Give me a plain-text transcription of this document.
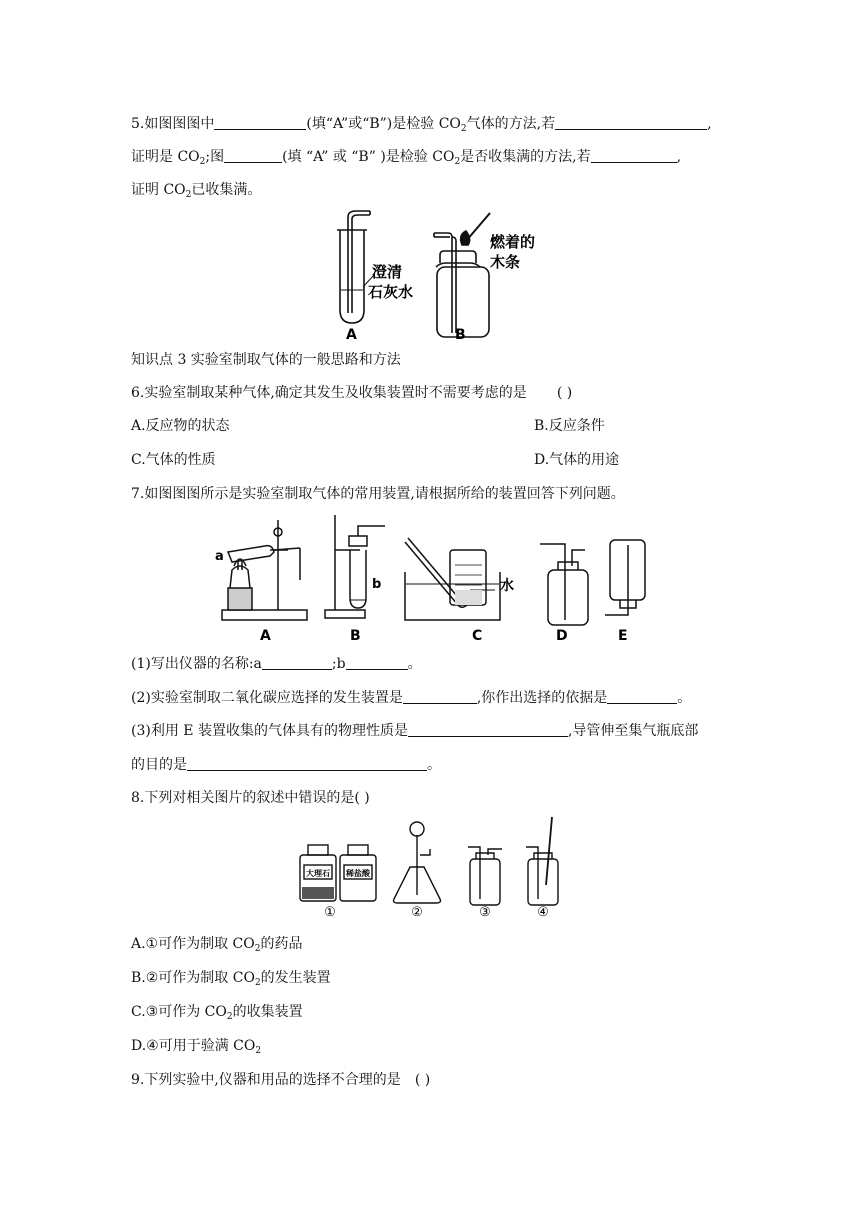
5.如图图图中	(填“A”或“B”)是检验 $CO_2$气体的方法,若	,
证明是 $CO_2$;图	(填 “A” 或 “B” )是检验 $CO_2$是否收集满的方法,若	,
证明 $CO_2$已收集满。
澄清
石灰水
燃着的
木条
A	B
知识点 3 实验室制取气体的一般思路和方法
6.实验室制取某种气体,确定其发生及收集装置时不需要考虑的是 ( )
A.反应物的状态	B.反应条件
C.气体的性质	D.气体的用途
7.如图图图所示是实验室制取气体的常用装置,请根据所给的装置回答下列问题。
a
b	水
A	B	C	D	E
(1)写出仪器的名称:a	;b	。
(2)实验室制取二氧化碳应选择的发生装置是	,你作出选择的依据是	。
(3)利用 E 装置收集的气体具有的物理性质是	,导管伸至集气瓶底部
的目的是	。
8.下列对相关图片的叙述中错误的是( )
大理石 稀盐酸
①	②	③	④
A.①可作为制取 $CO_2$的药品
B.②可作为制取 $CO_2$的发生装置
C.③可作为 $CO_2$的收集装置
D.④可用于验满 $CO_2$
9.下列实验中,仪器和用品的选择不合理的是 ( )
